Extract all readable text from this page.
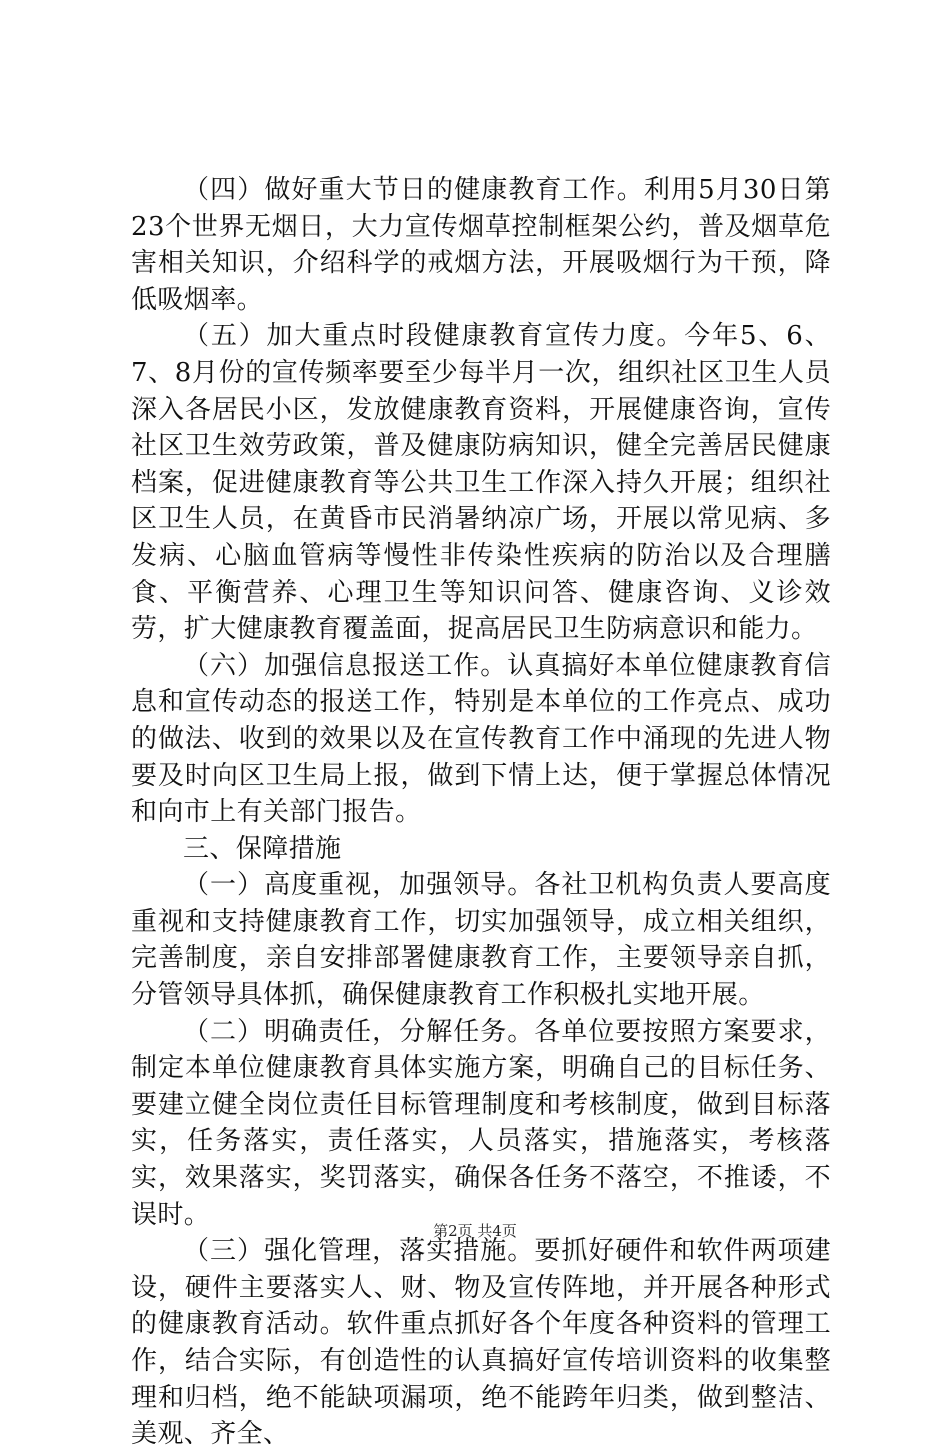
（四）做好重大节日的健康教育工作。利用5月30日第23个世界无烟日，大力宣传烟草控制框架公约，普及烟草危害相关知识，介绍科学的戒烟方法，开展吸烟行为干预，降低吸烟率。

（五）加大重点时段健康教育宣传力度。今年5、6、7、8月份的宣传频率要至少每半月一次，组织社区卫生人员深入各居民小区，发放健康教育资料，开展健康咨询，宣传社区卫生效劳政策，普及健康防病知识，健全完善居民健康档案，促进健康教育等公共卫生工作深入持久开展；组织社区卫生人员，在黄昏市民消暑纳凉广场，开展以常见病、多发病、心脑血管病等慢性非传染性疾病的防治以及合理膳食、平衡营养、心理卫生等知识问答、健康咨询、义诊效劳，扩大健康教育覆盖面，捉高居民卫生防病意识和能力。

（六）加强信息报送工作。认真搞好本单位健康教育信息和宣传动态的报送工作，特别是本单位的工作亮点、成功的做法、收到的效果以及在宣传教育工作中涌现的先进人物要及时向区卫生局上报，做到下情上达，便于掌握总体情况和向市上有关部门报告。

三、保障措施

（一）高度重视，加强领导。各社卫机构负责人要高度重视和支持健康教育工作，切实加强领导，成立相关组织，完善制度，亲自安排部署健康教育工作，主要领导亲自抓，分管领导具体抓，确保健康教育工作积极扎实地开展。

（二）明确责任，分解任务。各单位要按照方案要求，制定本单位健康教育具体实施方案，明确自己的目标任务、要建立健全岗位责任目标管理制度和考核制度，做到目标落实，任务落实，责任落实，人员落实，措施落实，考核落实，效果落实，奖罚落实，确保各任务不落空，不推诿，不误时。

（三）强化管理，落实措施。要抓好硬件和软件两项建设，硬件主要落实人、财、物及宣传阵地，并开展各种形式的健康教育活动。软件重点抓好各个年度各种资料的管理工作，结合实际，有创造性的认真搞好宣传培训资料的收集整理和归档，绝不能缺项漏项，绝不能跨年归类，做到整洁、美观、齐全、

第2页 共4页
